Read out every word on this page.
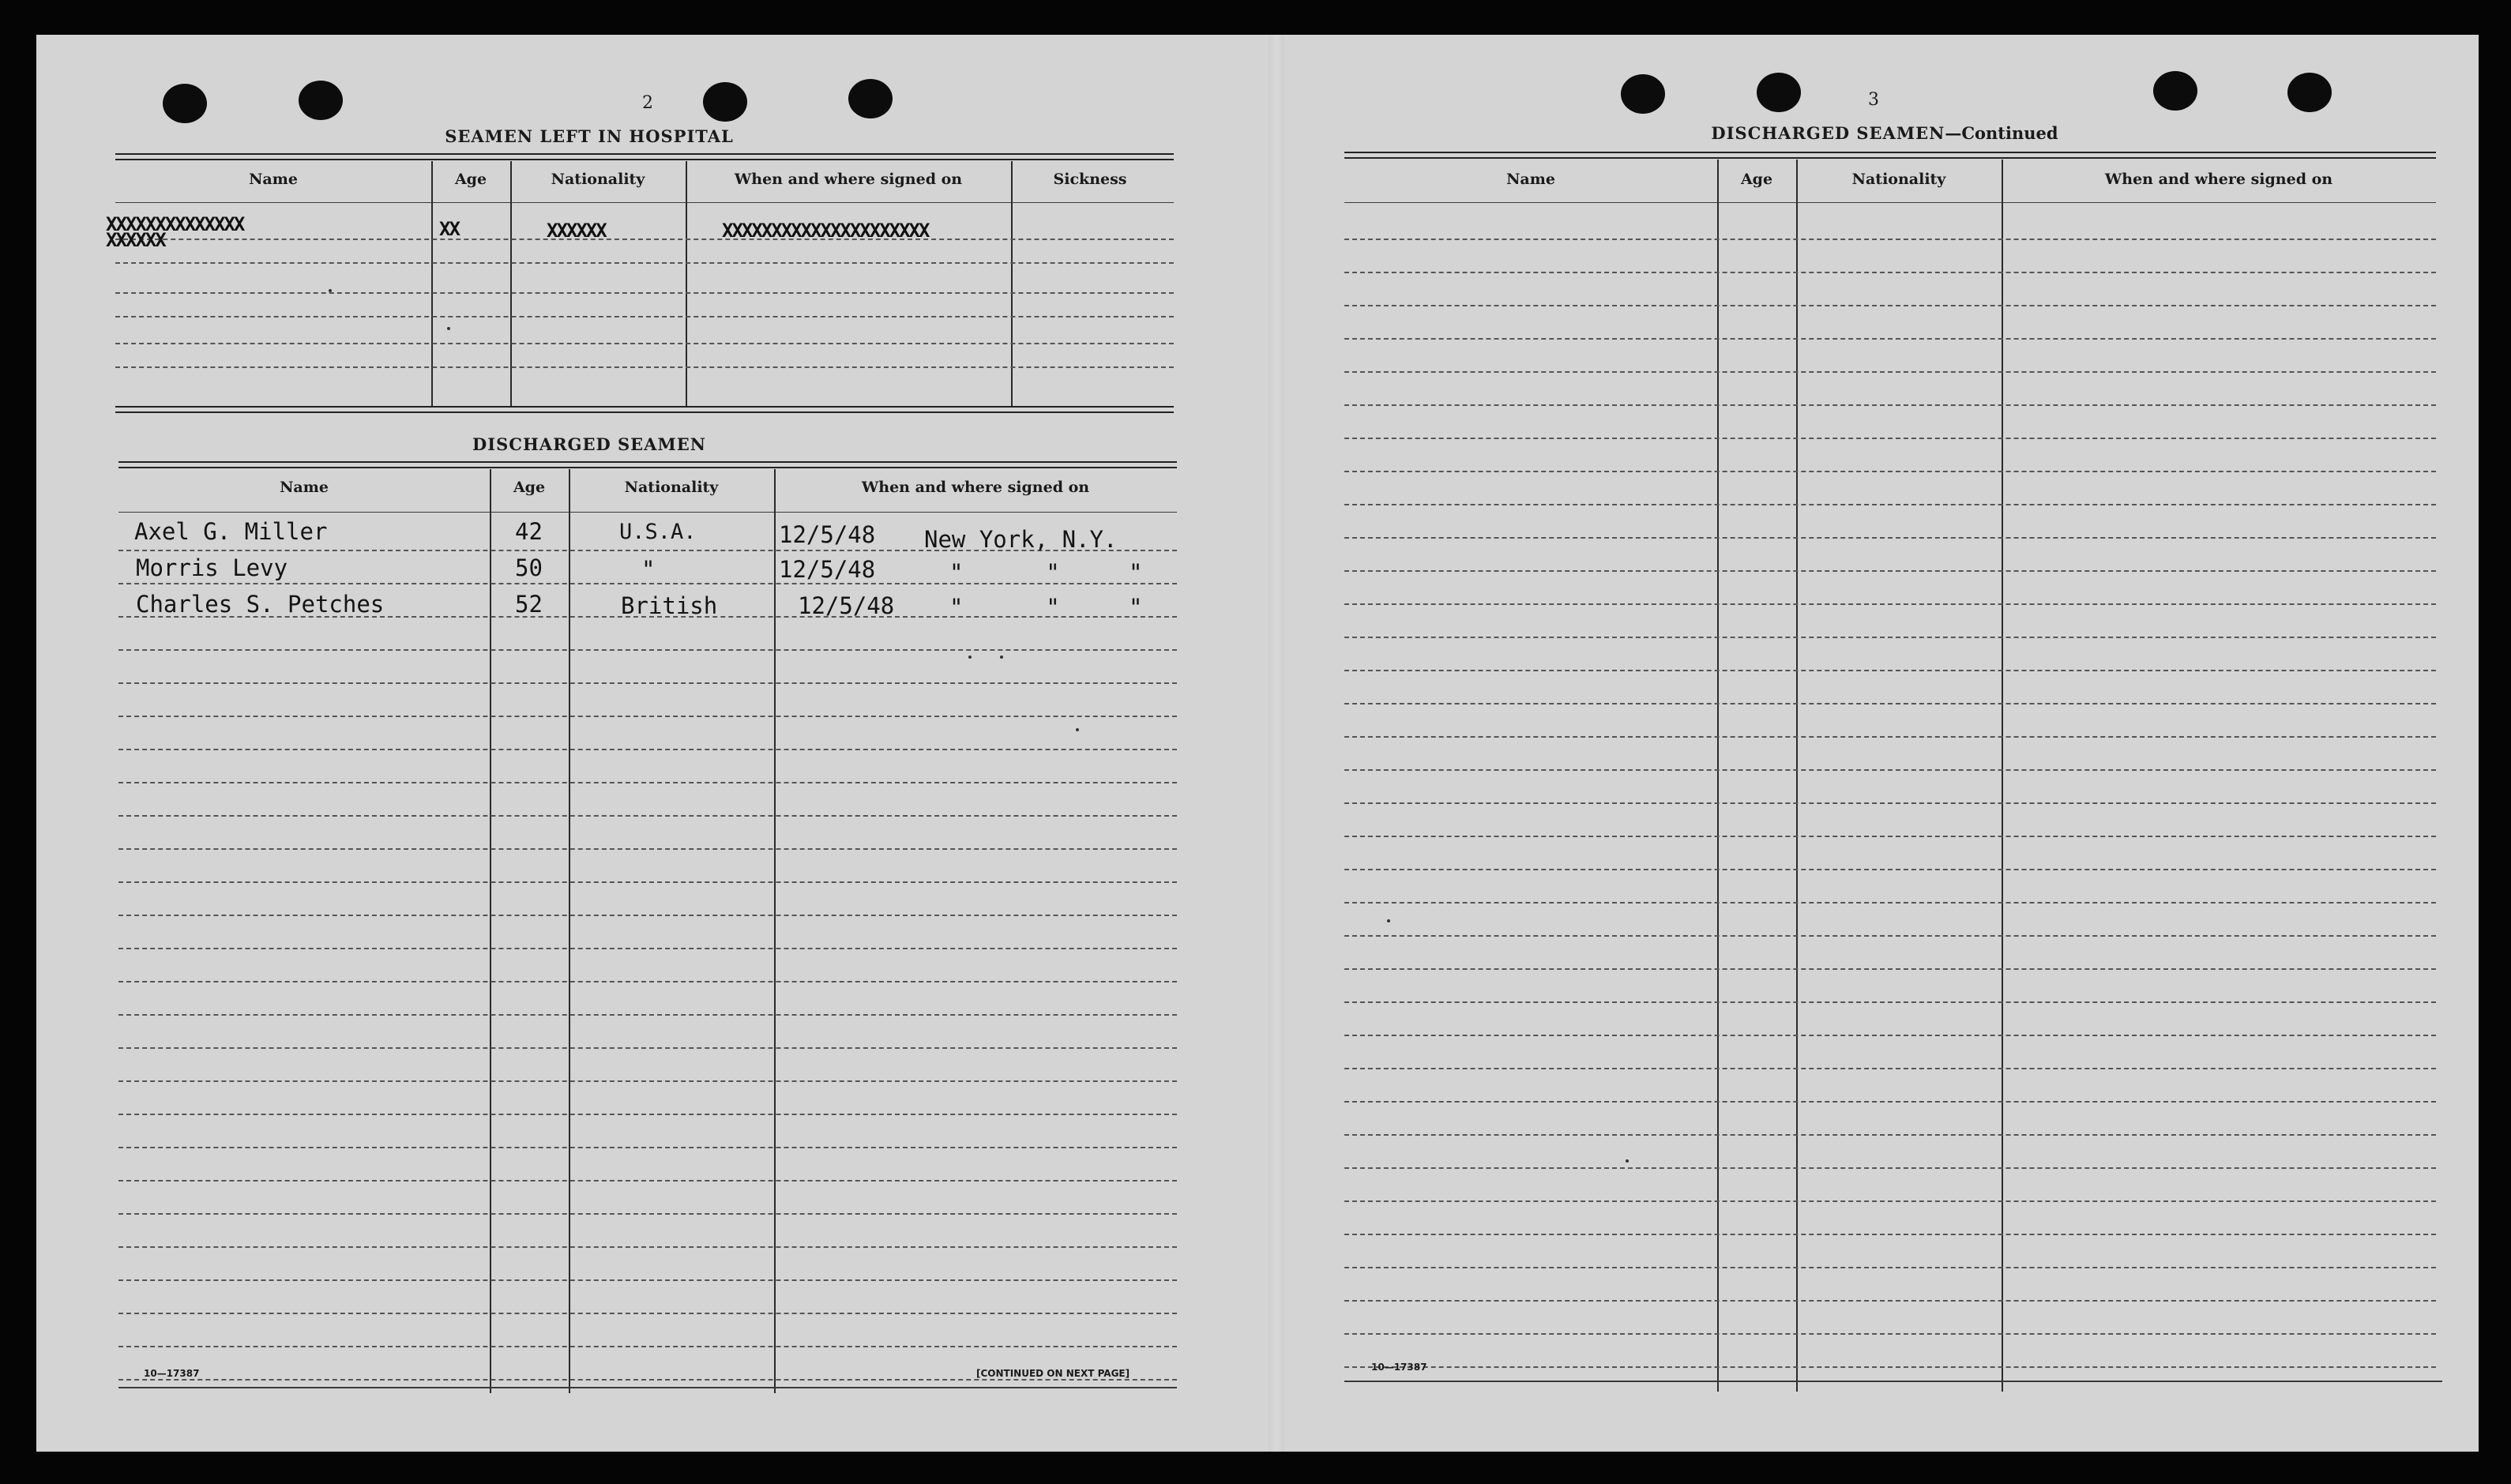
2
SEAMEN LEFT IN HOSPITAL
Name	Age	Nationality	When and where signed on	Sickness
XXXXXXXXXXXXXX
XXXXXX	XX	XXXXXX	XXXXXXXXXXXXXXXXXXXXX
DISCHARGED SEAMEN
Name	Age	Nationality	When and where signed on
Axel G. Miller	42	U.S.A.	12/5/48 New York, N.Y.
Morris Levy	50	"	12/5/48	"      "     "
Charles S. Petches	52	British	12/5/48 "      "     "
10—17387	[CONTINUED ON NEXT PAGE]
3
DISCHARGED SEAMEN—Continued
Name	Age	Nationality	When and where signed on
10—17387
